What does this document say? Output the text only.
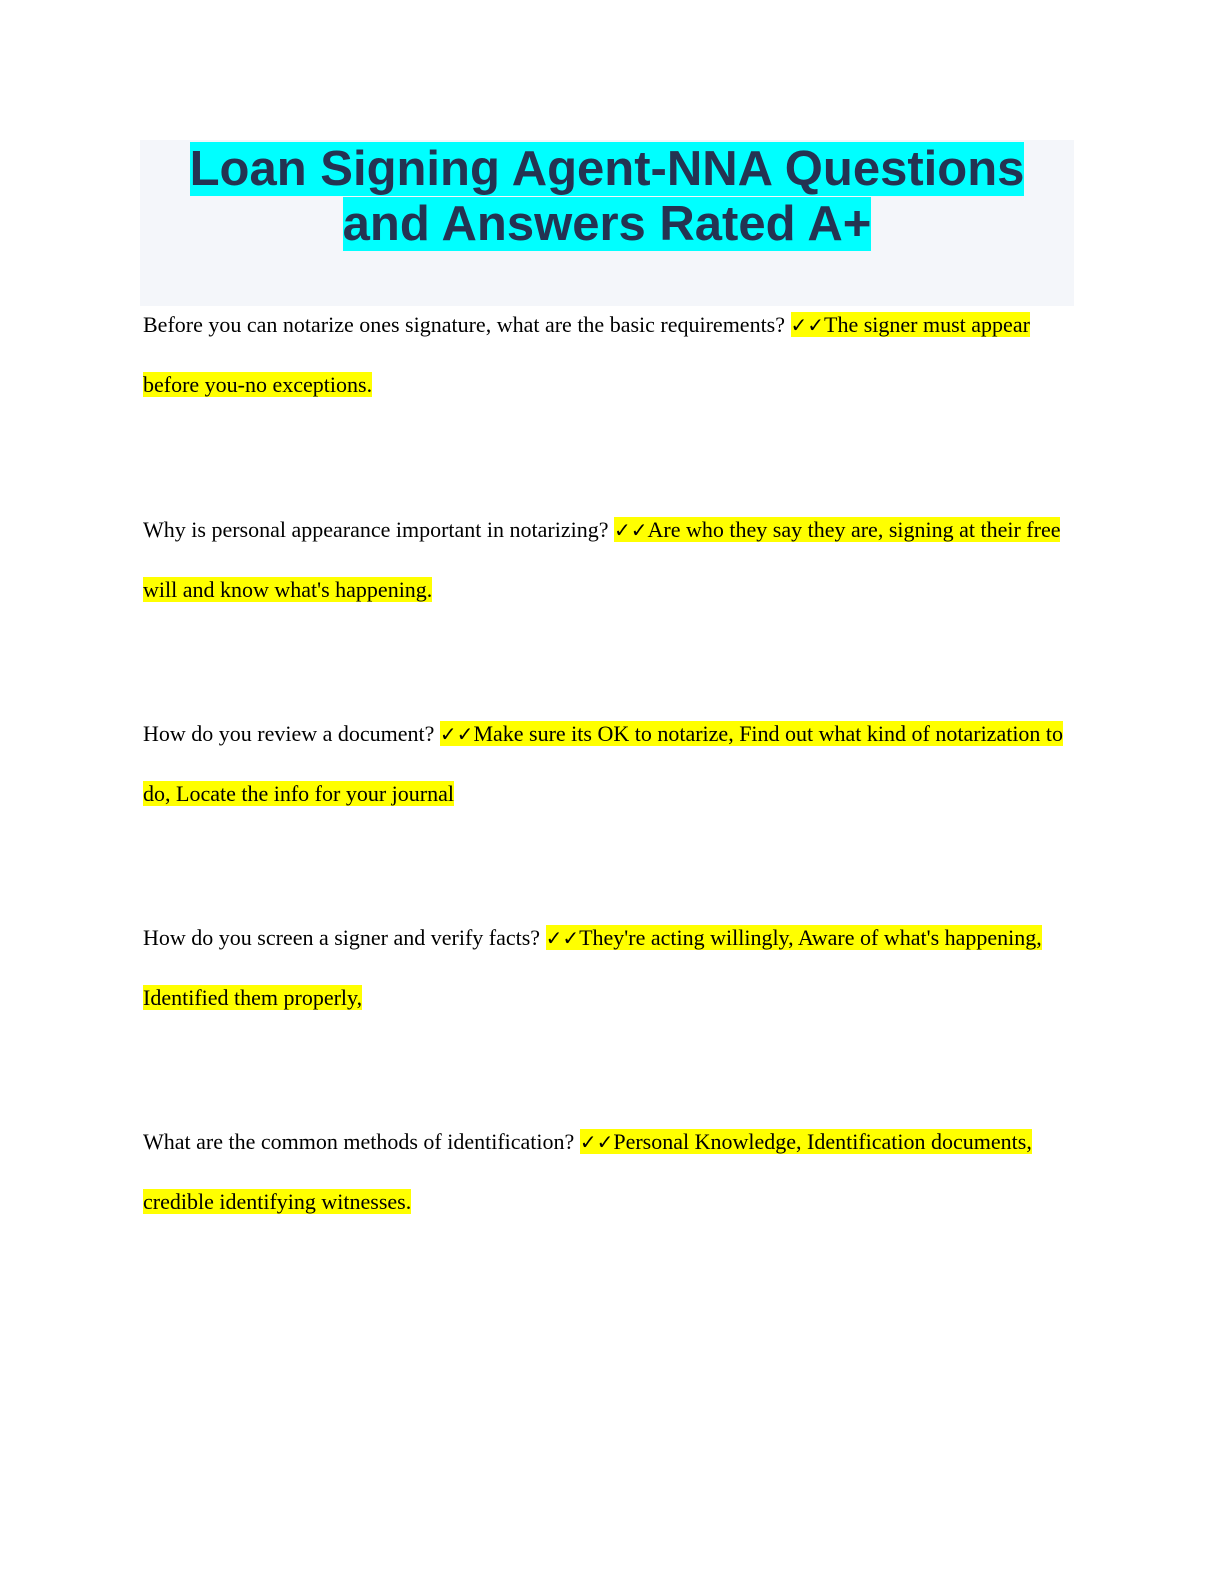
Loan Signing Agent-NNA Questions and Answers Rated A+
Before you can notarize ones signature, what are the basic requirements? ✓✓The signer must appear before you-no exceptions.
Why is personal appearance important in notarizing? ✓✓Are who they say they are, signing at their free will and know what's happening.
How do you review a document? ✓✓Make sure its OK to notarize, Find out what kind of notarization to do, Locate the info for your journal
How do you screen a signer and verify facts? ✓✓They're acting willingly, Aware of what's happening, Identified them properly,
What are the common methods of identification? ✓✓Personal Knowledge, Identification documents, credible identifying witnesses.
